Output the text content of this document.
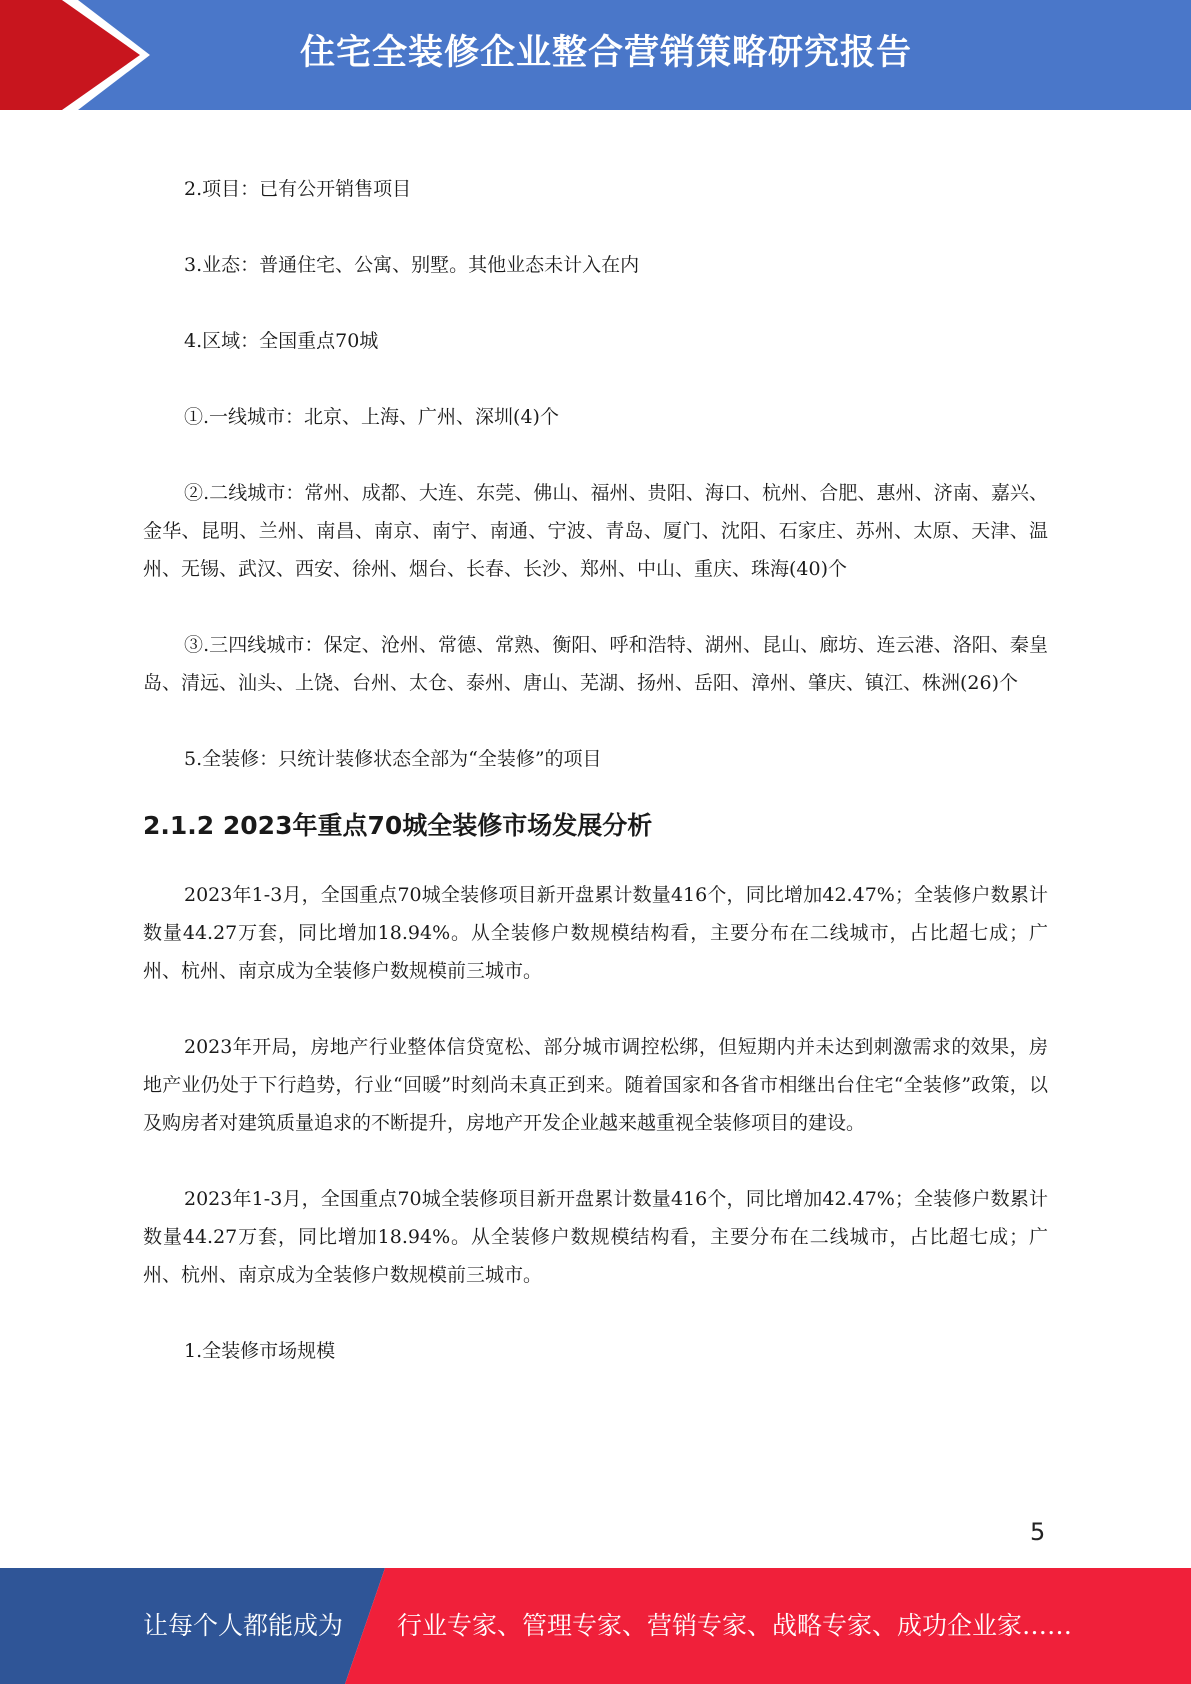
住宅全装修企业整合营销策略研究报告

2.项目：已有公开销售项目

3.业态：普通住宅、公寓、别墅。其他业态未计入在内

4.区域：全国重点70城

①.一线城市：北京、上海、广州、深圳(4)个

②.二线城市：常州、成都、大连、东莞、佛山、福州、贵阳、海口、杭州、合肥、惠州、济南、嘉兴、金华、昆明、兰州、南昌、南京、南宁、南通、宁波、青岛、厦门、沈阳、石家庄、苏州、太原、天津、温州、无锡、武汉、西安、徐州、烟台、长春、长沙、郑州、中山、重庆、珠海(40)个

③.三四线城市：保定、沧州、常德、常熟、衡阳、呼和浩特、湖州、昆山、廊坊、连云港、洛阳、秦皇岛、清远、汕头、上饶、台州、太仓、泰州、唐山、芜湖、扬州、岳阳、漳州、肇庆、镇江、株洲(26)个

5.全装修：只统计装修状态全部为“全装修”的项目

2.1.2 2023年重点70城全装修市场发展分析

2023年1-3月，全国重点70城全装修项目新开盘累计数量416个，同比增加42.47%；全装修户数累计数量44.27万套，同比增加18.94%。从全装修户数规模结构看，主要分布在二线城市，占比超七成；广州、杭州、南京成为全装修户数规模前三城市。

2023年开局，房地产行业整体信贷宽松、部分城市调控松绑，但短期内并未达到刺激需求的效果，房地产业仍处于下行趋势，行业“回暖”时刻尚未真正到来。随着国家和各省市相继出台住宅“全装修”政策，以及购房者对建筑质量追求的不断提升，房地产开发企业越来越重视全装修项目的建设。

2023年1-3月，全国重点70城全装修项目新开盘累计数量416个，同比增加42.47%；全装修户数累计数量44.27万套，同比增加18.94%。从全装修户数规模结构看，主要分布在二线城市，占比超七成；广州、杭州、南京成为全装修户数规模前三城市。

1.全装修市场规模

5
让每个人都能成为 行业专家、管理专家、营销专家、战略专家、成功企业家……
